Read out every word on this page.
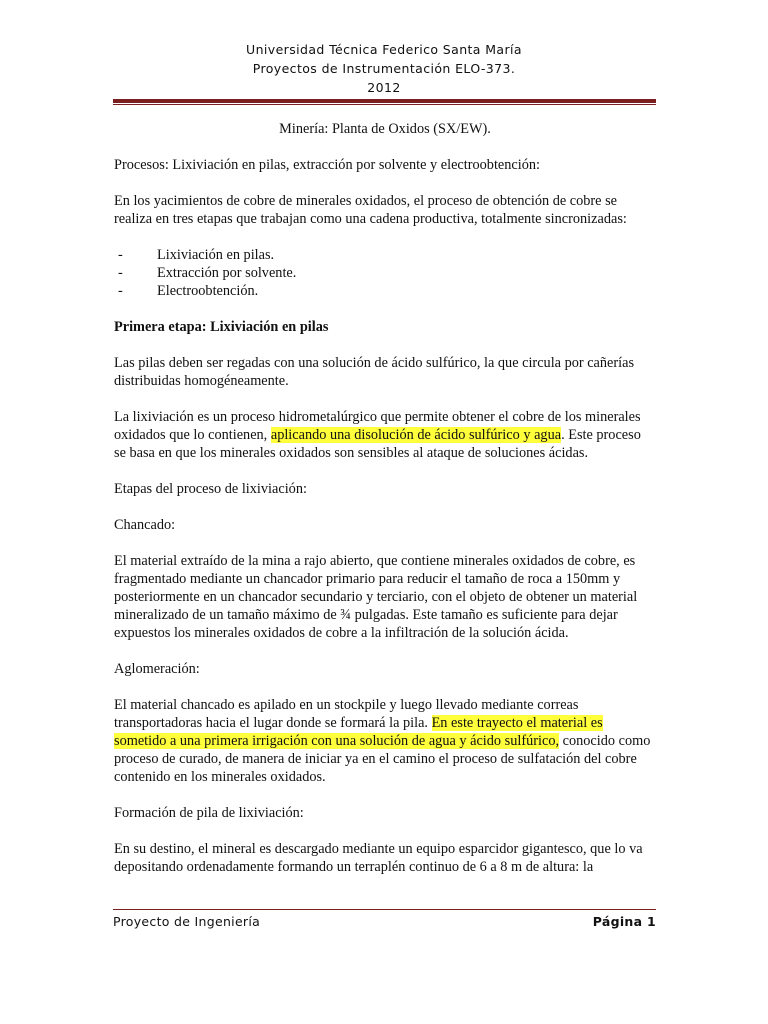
Universidad Técnica Federico Santa María
Proyectos de Instrumentación ELO-373.
2012

Minería: Planta de Oxidos (SX/EW).

Procesos: Lixiviación en pilas, extracción por solvente y electroobtención:

En los yacimientos de cobre de minerales oxidados, el proceso de obtención de cobre se realiza en tres etapas que trabajan como una cadena productiva, totalmente sincronizadas:

- Lixiviación en pilas.
- Extracción por solvente.
- Electroobtención.

Primera etapa: Lixiviación en pilas

Las pilas deben ser regadas con una solución de ácido sulfúrico, la que circula por cañerías distribuidas homogéneamente.

La lixiviación es un proceso hidrometalúrgico que permite obtener el cobre de los minerales oxidados que lo contienen, aplicando una disolución de ácido sulfúrico y agua. Este proceso se basa en que los minerales oxidados son sensibles al ataque de soluciones ácidas.

Etapas del proceso de lixiviación:

Chancado:

El material extraído de la mina a rajo abierto, que contiene minerales oxidados de cobre, es fragmentado mediante un chancador primario para reducir el tamaño de roca a 150mm y posteriormente en un chancador secundario y terciario, con el objeto de obtener un material mineralizado de un tamaño máximo de ¾ pulgadas. Este tamaño es suficiente para dejar expuestos los minerales oxidados de cobre a la infiltración de la solución ácida.

Aglomeración:

El material chancado es apilado en un stockpile y luego llevado mediante correas transportadoras hacia el lugar donde se formará la pila. En este trayecto el material es sometido a una primera irrigación con una solución de agua y ácido sulfúrico, conocido como proceso de curado, de manera de iniciar ya en el camino el proceso de sulfatación del cobre contenido en los minerales oxidados.

Formación de pila de lixiviación:

En su destino, el mineral es descargado mediante un equipo esparcidor gigantesco, que lo va depositando ordenadamente formando un terraplén continuo de 6 a 8 m de altura: la

Proyecto de Ingeniería	Página 1
